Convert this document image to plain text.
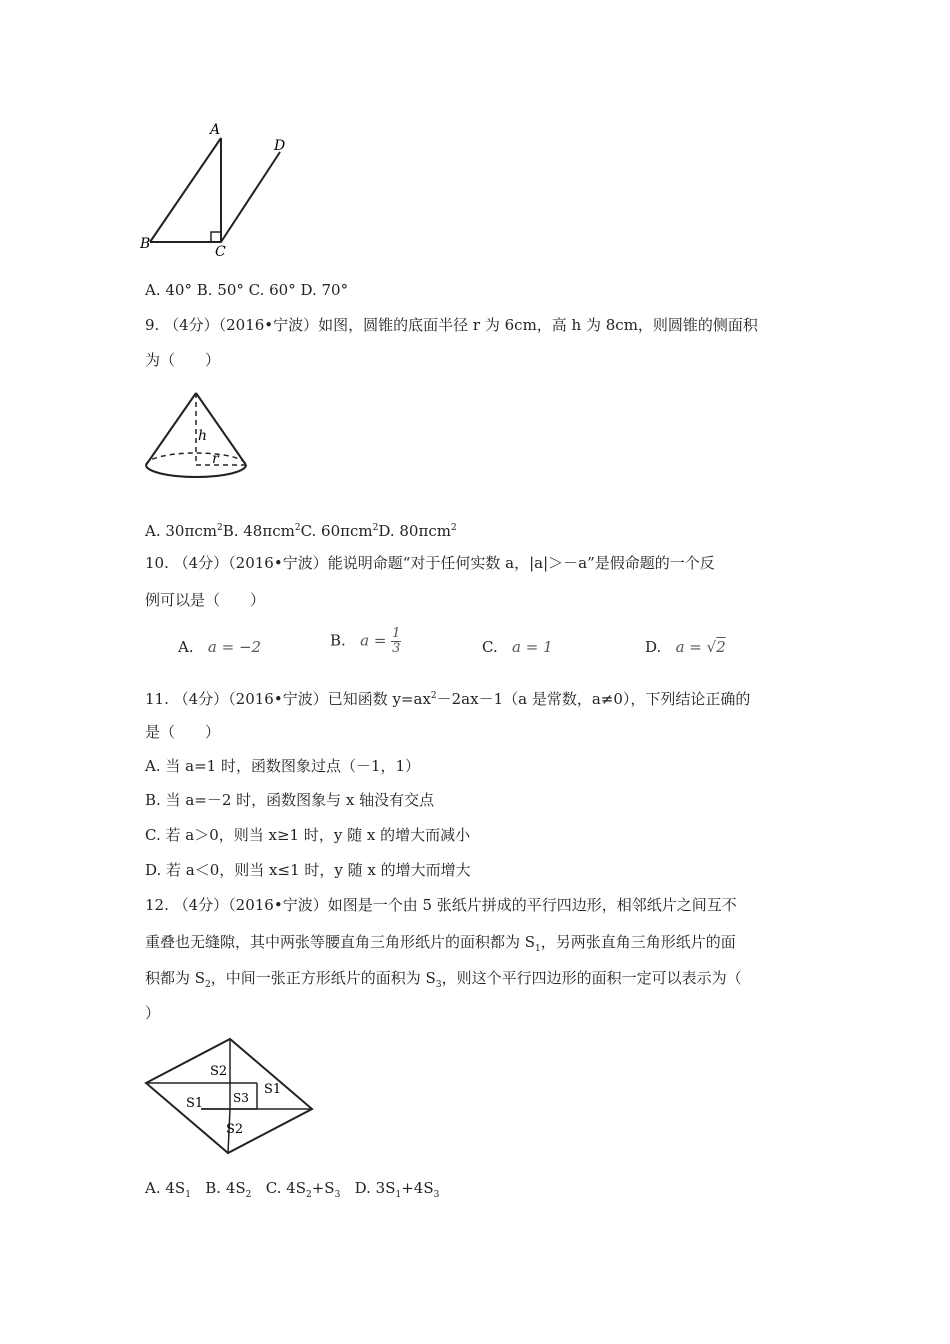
A
B	C
D
A. 40° B. 50° C. 60° D. 70°
9. （4分）（2016•宁波）如图，圆锥的底面半径 r 为 6cm，高 h 为 8cm，则圆锥的侧面积
为（　　）
h
r
A. 30πcm$^2$B. 48πcm$^2$C. 60πcm$^2$D. 80πcm$^2$
10. （4分）（2016•宁波）能说明命题“对于任何实数 a，|a|＞－a”是假命题的一个反
例可以是（　　）
A. a = −2	B. $a = \frac{1}{3}$	C. a = 1	D. a = √2
11. （4分）（2016•宁波）已知函数 $y=ax^2-2ax-1(a$ 是常数，a≠0），下列结论正确的
是（　　）
A. 当 a=1 时，函数图象过点（－1，1）
B. 当 a=－2 时，函数图象与 x 轴没有交点
C. 若 a＞0，则当 x≥1 时，y 随 x 的增大而减小
D. 若 a＜0，则当 x≤1 时，y 随 x 的增大而增大
12. （4分）（2016•宁波）如图是一个由 5 张纸片拼成的平行四边形，相邻纸片之间互不
重叠也无缝隙，其中两张等腰直角三角形纸片的面积都为 $S_1$，另两张直角三角形纸片的面
积都为 $S_2$，中间一张正方形纸片的面积为 $S_3$，则这个平行四边形的面积一定可以表示为（
）
S2
S1
S1 S3
S2
A. $4S_1$ B. $4S_2$ C. $4S_2+S_3$ D. $3S_1+4S_3$
